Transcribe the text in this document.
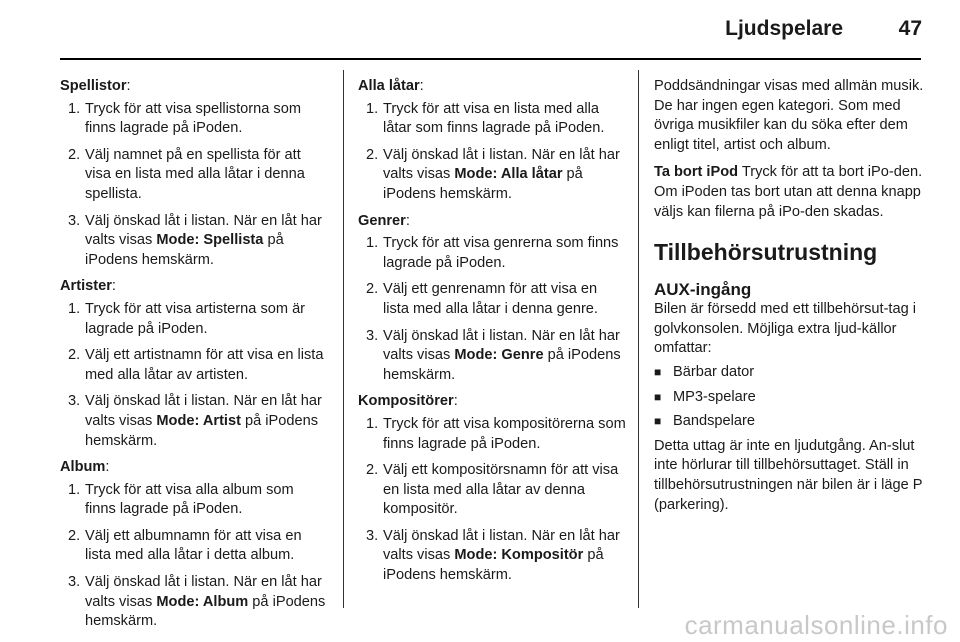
Ljudspelare	47
Spellistor:
1. Tryck för att visa spellistorna som finns lagrade på iPoden.
2. Välj namnet på en spellista för att visa en lista med alla låtar i denna spellista.
3. Välj önskad låt i listan. När en låt har valts visas Mode: Spellista på iPodens hemskärm.
Artister:
1. Tryck för att visa artisterna som är lagrade på iPoden.
2. Välj ett artistnamn för att visa en lista med alla låtar av artisten.
3. Välj önskad låt i listan. När en låt har valts visas Mode: Artist på iPodens hemskärm.
Album:
1. Tryck för att visa alla album som finns lagrade på iPoden.
2. Välj ett albumnamn för att visa en lista med alla låtar i detta album.
3. Välj önskad låt i listan. När en låt har valts visas Mode: Album på iPodens hemskärm.
Alla låtar:
1. Tryck för att visa en lista med alla låtar som finns lagrade på iPoden.
2. Välj önskad låt i listan. När en låt har valts visas Mode: Alla låtar på iPodens hemskärm.
Genrer:
1. Tryck för att visa genrerna som finns lagrade på iPoden.
2. Välj ett genrenamn för att visa en lista med alla låtar i denna genre.
3. Välj önskad låt i listan. När en låt har valts visas Mode: Genre på iPodens hemskärm.
Kompositörer:
1. Tryck för att visa kompositörerna som finns lagrade på iPoden.
2. Välj ett kompositörsnamn för att visa en lista med alla låtar av denna kompositör.
3. Välj önskad låt i listan. När en låt har valts visas Mode: Kompositör på iPodens hemskärm.

Poddsändningar visas med allmän musik. De har ingen egen kategori. Som med övriga musikfiler kan du söka efter dem enligt titel, artist och album.

Ta bort iPod Tryck för att ta bort iPo-den. Om iPoden tas bort utan att denna knapp väljs kan filerna på iPo-den skadas.

Tillbehörsutrustning
AUX-ingång

Bilen är försedd med ett tillbehörsut-tag i golvkonsolen. Möjliga extra ljud-källor omfattar:

■ Bärbar dator
■ MP3-spelare
■ Bandspelare

Detta uttag är inte en ljudutgång. An-slut inte hörlurar till tillbehörsuttaget. Ställ in tillbehörsutrustningen när bilen är i läge P (parkering).

carmanualsonline.info
